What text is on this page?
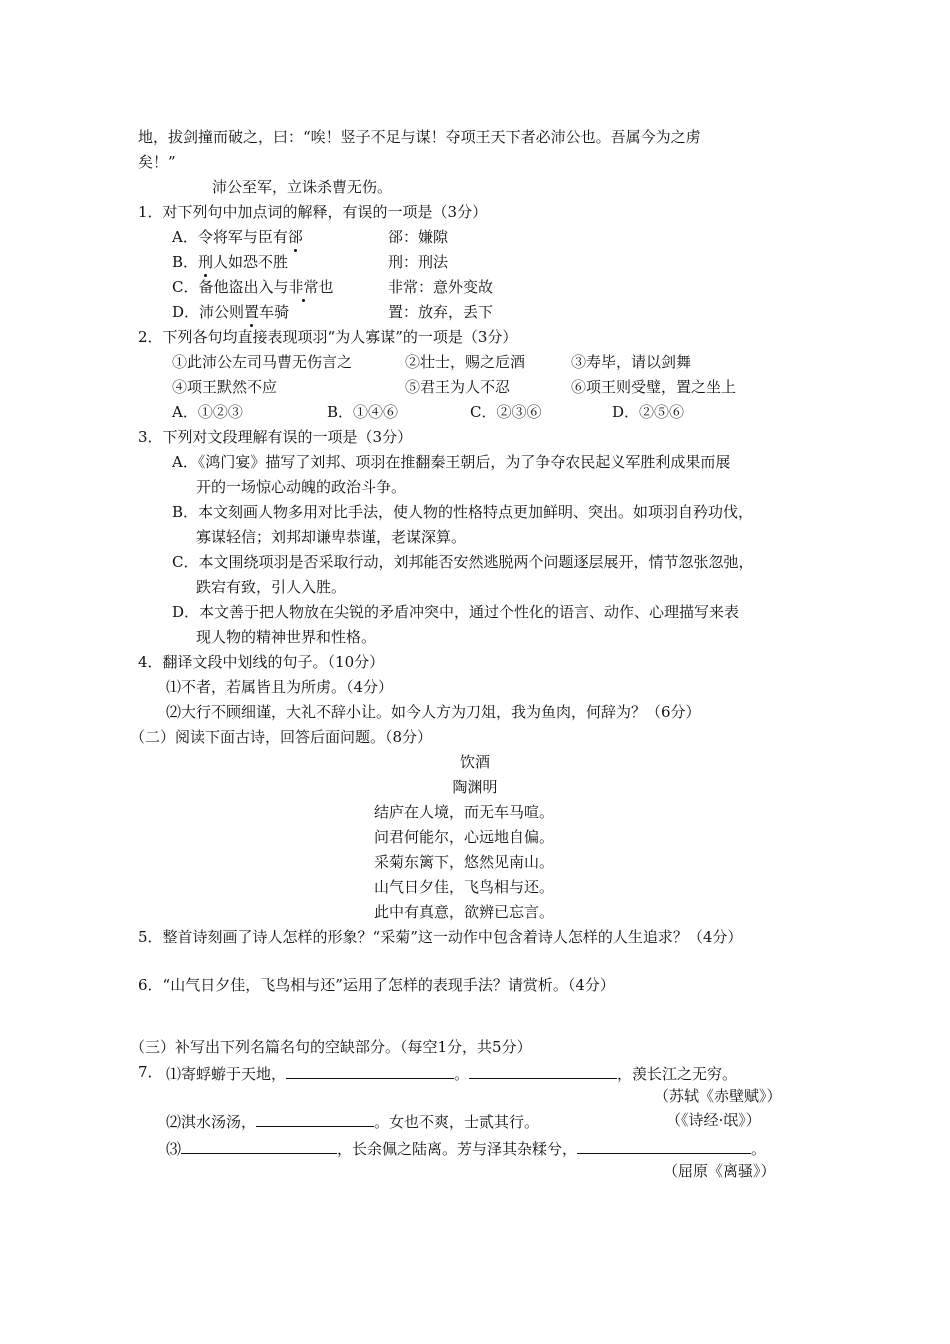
地，拔剑撞而破之，曰：“唉！竖子不足与谋！夺项王天下者必沛公也。吾属今为之虏
矣！”
沛公至军，立诛杀曹无伤。
1．对下列句中加点词的解释，有误的一项是（3分）
A．令将军与臣有郤	郤：嫌隙
B．刑人如恐不胜	刑：刑法
C．备他盗出入与非常也	非常：意外变故
D．沛公则置车骑	置：放弃，丢下
2．下列各句均直接表现项羽“为人寡谋”的一项是（3分）
①此沛公左司马曹无伤言之	②壮士，赐之卮酒	③寿毕，请以剑舞
④项王默然不应	⑤君王为人不忍	⑥项王则受璧，置之坐上
A．①②③	B．①④⑥	C．②③⑥	D．②⑤⑥
3．下列对文段理解有误的一项是（3分）
A．《鸿门宴》描写了刘邦、项羽在推翻秦王朝后，为了争夺农民起义军胜利成果而展
开的一场惊心动魄的政治斗争。
B．本文刻画人物多用对比手法，使人物的性格特点更加鲜明、突出。如项羽自矜功伐，
寡谋轻信；刘邦却谦卑恭谨，老谋深算。
C．本文围绕项羽是否采取行动，刘邦能否安然逃脱两个问题逐层展开，情节忽张忽弛，
跌宕有致，引人入胜。
D．本文善于把人物放在尖锐的矛盾冲突中，通过个性化的语言、动作、心理描写来表
现人物的精神世界和性格。
4．翻译文段中划线的句子。（10分）
⑴不者，若属皆且为所虏。（4分）
⑵大行不顾细谨，大礼不辞小让。如今人方为刀俎，我为鱼肉，何辞为？（6分）
（二）阅读下面古诗，回答后面问题。（8分）
饮酒
陶渊明
结庐在人境，而无车马喧。
问君何能尔，心远地自偏。
采菊东篱下，悠然见南山。
山气日夕佳，飞鸟相与还。
此中有真意，欲辨已忘言。
5．整首诗刻画了诗人怎样的形象？“采菊”这一动作中包含着诗人怎样的人生追求？（4分）
6．“山气日夕佳，飞鸟相与还”运用了怎样的表现手法？请赏析。（4分）
（三）补写出下列名篇名句的空缺部分。（每空1分，共5分）
7． ⑴寄蜉蝣于天地，	。	，羡长江之无穷。
（苏轼《赤壁赋》）
⑵淇水汤汤，	。女也不爽，士贰其行。	（《诗经·氓》）
⑶	，长余佩之陆离。芳与泽其杂糅兮，	。
（屈原《离骚》）
